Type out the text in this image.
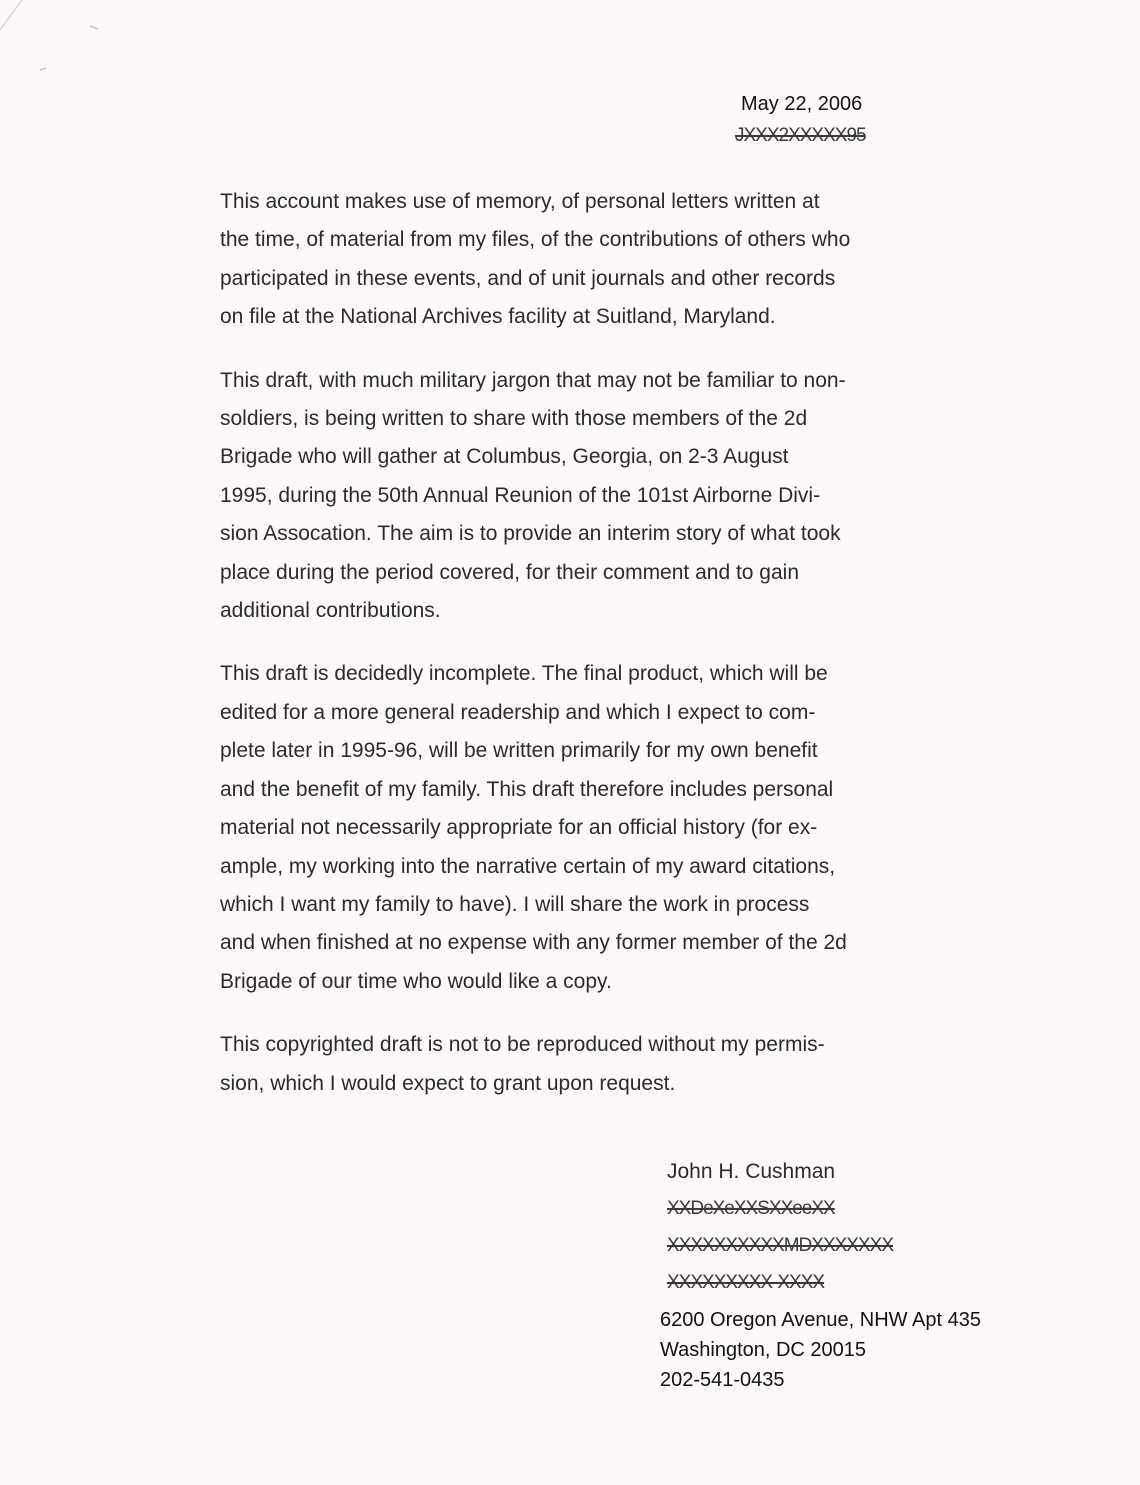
May 22, 2006
JXXX2XXXXX95

This account makes use of memory, of personal letters written at
the time, of material from my files, of the contributions of others who
participated in these events, and of unit journals and other records
on file at the National Archives facility at Suitland, Maryland.

This draft, with much military jargon that may not be familiar to non-
soldiers, is being written to share with those members of the 2d
Brigade who will gather at Columbus, Georgia, on 2-3 August
1995, during the 50th Annual Reunion of the 101st Airborne Divi-
sion Assocation. The aim is to provide an interim story of what took
place during the period covered, for their comment and to gain
additional contributions.

This draft is decidedly incomplete. The final product, which will be
edited for a more general readership and which I expect to com-
plete later in 1995-96, will be written primarily for my own benefit
and the benefit of my family. This draft therefore includes personal
material not necessarily appropriate for an official history (for ex-
ample, my working into the narrative certain of my award citations,
which I want my family to have). I will share the work in process
and when finished at no expense with any former member of the 2d
Brigade of our time who would like a copy.

This copyrighted draft is not to be reproduced without my permis-
sion, which I would expect to grant upon request.

John H. Cushman
XXDeXeXXSXXeeXX
XXXXXXXXXXMDXXXXXXX
XXXXXXXXX-XXXX
6200 Oregon Avenue, NHW Apt 435
Washington, DC 20015
202-541-0435
